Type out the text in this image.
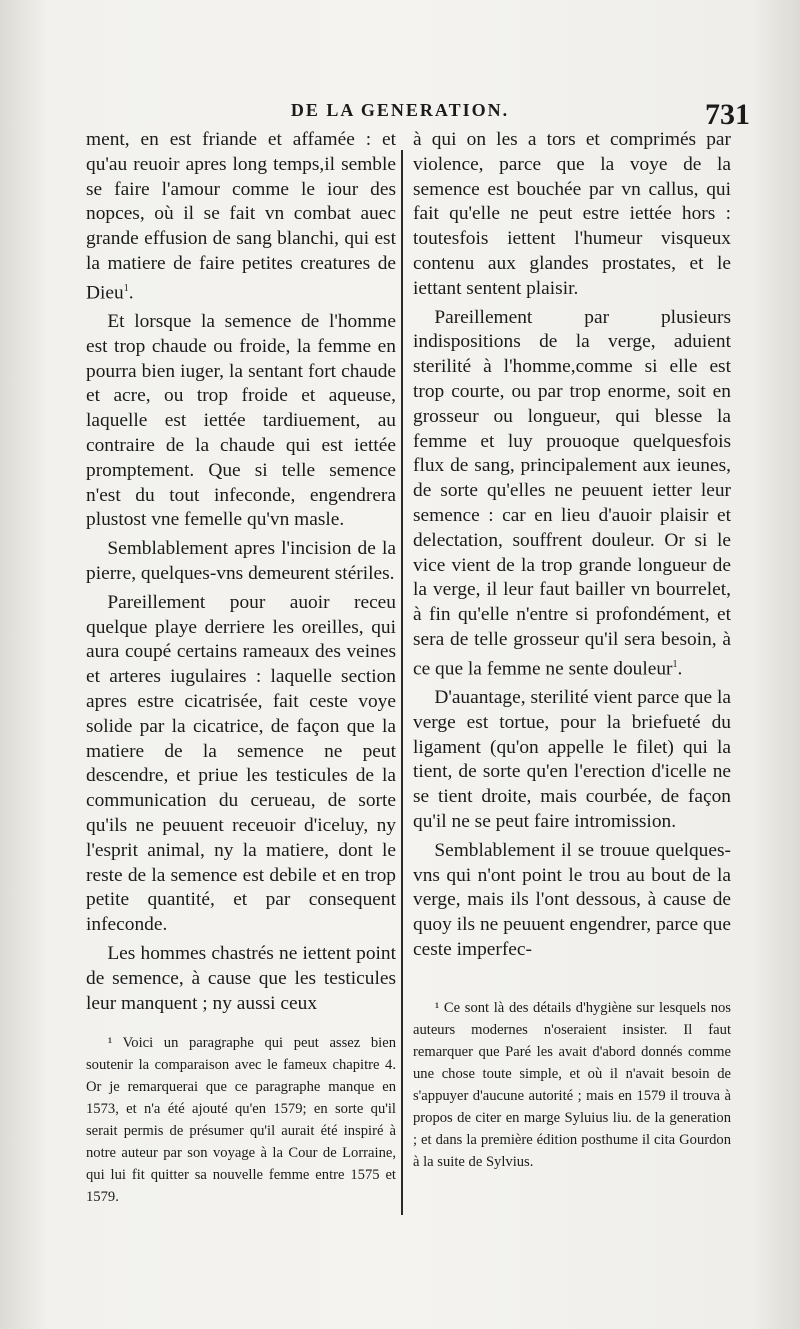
DE LA GENERATION.	731

ment, en est friande et affamée : et qu'au reuoir apres long temps,il semble se faire l'amour comme le iour des nopces, où il se fait vn combat auec grande effusion de sang blanchi, qui est la matiere de faire petites creatures de Dieu$^1$.

Et lorsque la semence de l'homme est trop chaude ou froide, la femme en pourra bien iuger, la sentant fort chaude et acre, ou trop froide et aqueuse, laquelle est iettée tardiuement, au contraire de la chaude qui est iettée promptement. Que si telle semence n'est du tout infeconde, engendrera plustost vne femelle qu'vn masle.

Semblablement apres l'incision de la pierre, quelques-vns demeurent stériles.

Pareillement pour auoir receu quelque playe derriere les oreilles, qui aura coupé certains rameaux des veines et arteres iugulaires : laquelle section apres estre cicatrisée, fait ceste voye solide par la cicatrice, de façon que la matiere de la semence ne peut descendre, et priue les testicules de la communication du cerueau, de sorte qu'ils ne peuuent receuoir d'iceluy, ny l'esprit animal, ny la matiere, dont le reste de la semence est debile et en trop petite quantité, et par consequent infeconde.

Les hommes chastrés ne iettent point de semence, à cause que les testicules leur manquent ; ny aussi ceux

¹ Voici un paragraphe qui peut assez bien soutenir la comparaison avec le fameux chapitre 4. Or je remarquerai que ce paragraphe manque en 1573, et n'a été ajouté qu'en 1579; en sorte qu'il serait permis de présumer qu'il aurait été inspiré à notre auteur par son voyage à la Cour de Lorraine, qui lui fit quitter sa nouvelle femme entre 1575 et 1579.

à qui on les a tors et comprimés par violence, parce que la voye de la semence est bouchée par vn callus, qui fait qu'elle ne peut estre iettée hors : toutesfois iettent l'humeur visqueux contenu aux glandes prostates, et le iettant sentent plaisir.

Pareillement par plusieurs indispositions de la verge, aduient sterilité à l'homme,comme si elle est trop courte, ou par trop enorme, soit en grosseur ou longueur, qui blesse la femme et luy prouoque quelquesfois flux de sang, principalement aux ieunes, de sorte qu'elles ne peuuent ietter leur semence : car en lieu d'auoir plaisir et delectation, souffrent douleur. Or si le vice vient de la trop grande longueur de la verge, il leur faut bailler vn bourrelet, à fin qu'elle n'entre si profondément, et sera de telle grosseur qu'il sera besoin, à ce que la femme ne sente douleur$^1$.

D'auantage, sterilité vient parce que la verge est tortue, pour la briefueté du ligament (qu'on appelle le filet) qui la tient, de sorte qu'en l'erection d'icelle ne se tient droite, mais courbée, de façon qu'il ne se peut faire intromission.

Semblablement il se trouue quelques-vns qui n'ont point le trou au bout de la verge, mais ils l'ont dessous, à cause de quoy ils ne peuuent engendrer, parce que ceste imperfec-

¹ Ce sont là des détails d'hygiène sur lesquels nos auteurs modernes n'oseraient insister. Il faut remarquer que Paré les avait d'abord donnés comme une chose toute simple, et où il n'avait besoin de s'appuyer d'aucune autorité ; mais en 1579 il trouva à propos de citer en marge Syluius liu. de la generation ; et dans la première édition posthume il cita Gourdon à la suite de Sylvius.
